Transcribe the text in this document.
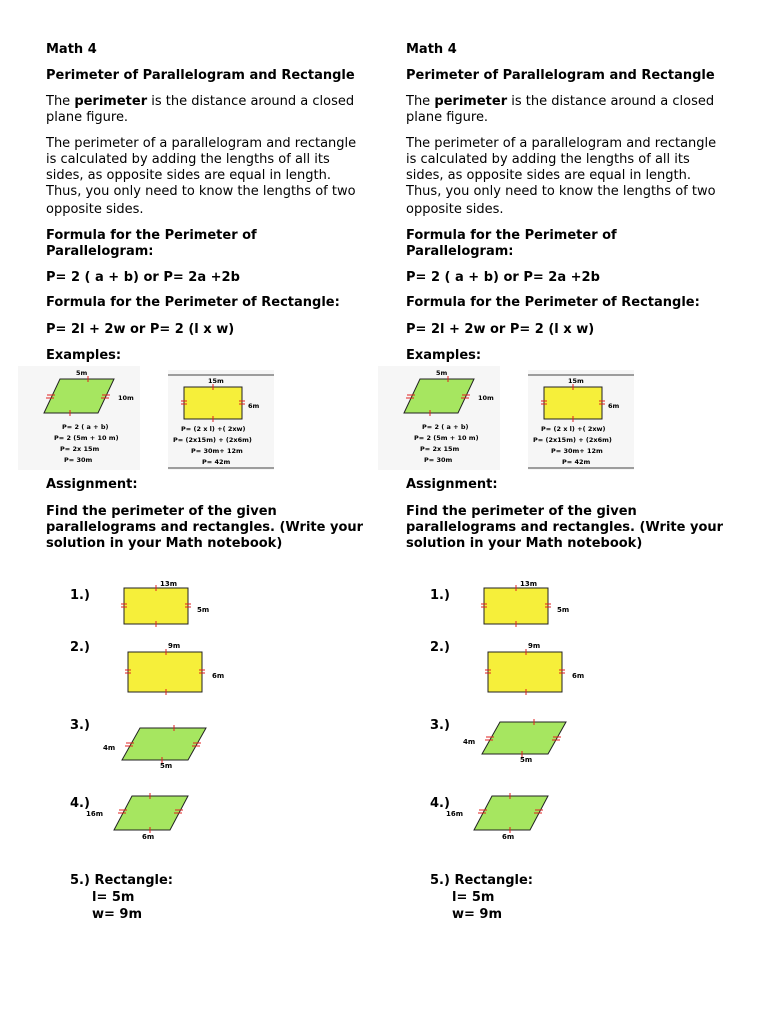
Math 4
Perimeter of Parallelogram and Rectangle
The perimeter is the distance around a closed
plane figure.
The perimeter of a parallelogram and rectangle
is calculated by adding the lengths of all its
sides, as opposite sides are equal in length.
Thus, you only need to know the lengths of two
opposite sides.
Formula for the Perimeter of
Parallelogram:
P= 2 ( a + b) or P= 2a +2b
Formula for the Perimeter of Rectangle:
P= 2l + 2w or P= 2 (l x w)
Examples:
5m
10m
P= 2 ( a + b)
P= 2 (5m + 10 m)
P= 2x 15m
P= 30m
15m
6m
P= (2 x l) +( 2xw)
P= (2x15m) + (2x6m)
P= 30m+ 12m
P= 42m
Assignment:
Find the perimeter of the given
parallelograms and rectangles. (Write your
solution in your Math notebook)
1.)
13m
5m
2.)	9m
6m
3.)
4m
5m
4.)
16m
6m
5.) Rectangle:
l= 5m
w= 9m
Math 4
Perimeter of Parallelogram and Rectangle
The perimeter is the distance around a closed
plane figure.
The perimeter of a parallelogram and rectangle
is calculated by adding the lengths of all its
sides, as opposite sides are equal in length.
Thus, you only need to know the lengths of two
opposite sides.
Formula for the Perimeter of
Parallelogram:
P= 2 ( a + b) or P= 2a +2b
Formula for the Perimeter of Rectangle:
P= 2l + 2w or P= 2 (l x w)
Examples:
5m
10m
P= 2 ( a + b)
P= 2 (5m + 10 m)
P= 2x 15m
P= 30m
15m
6m
P= (2 x l) +( 2xw)
P= (2x15m) + (2x6m)
P= 30m+ 12m
P= 42m
Assignment:
Find the perimeter of the given
parallelograms and rectangles. (Write your
solution in your Math notebook)
1.)
13m
5m
2.)	9m
6m
3.)
4m
5m
4.)
16m
6m
5.) Rectangle:
l= 5m
w= 9m
